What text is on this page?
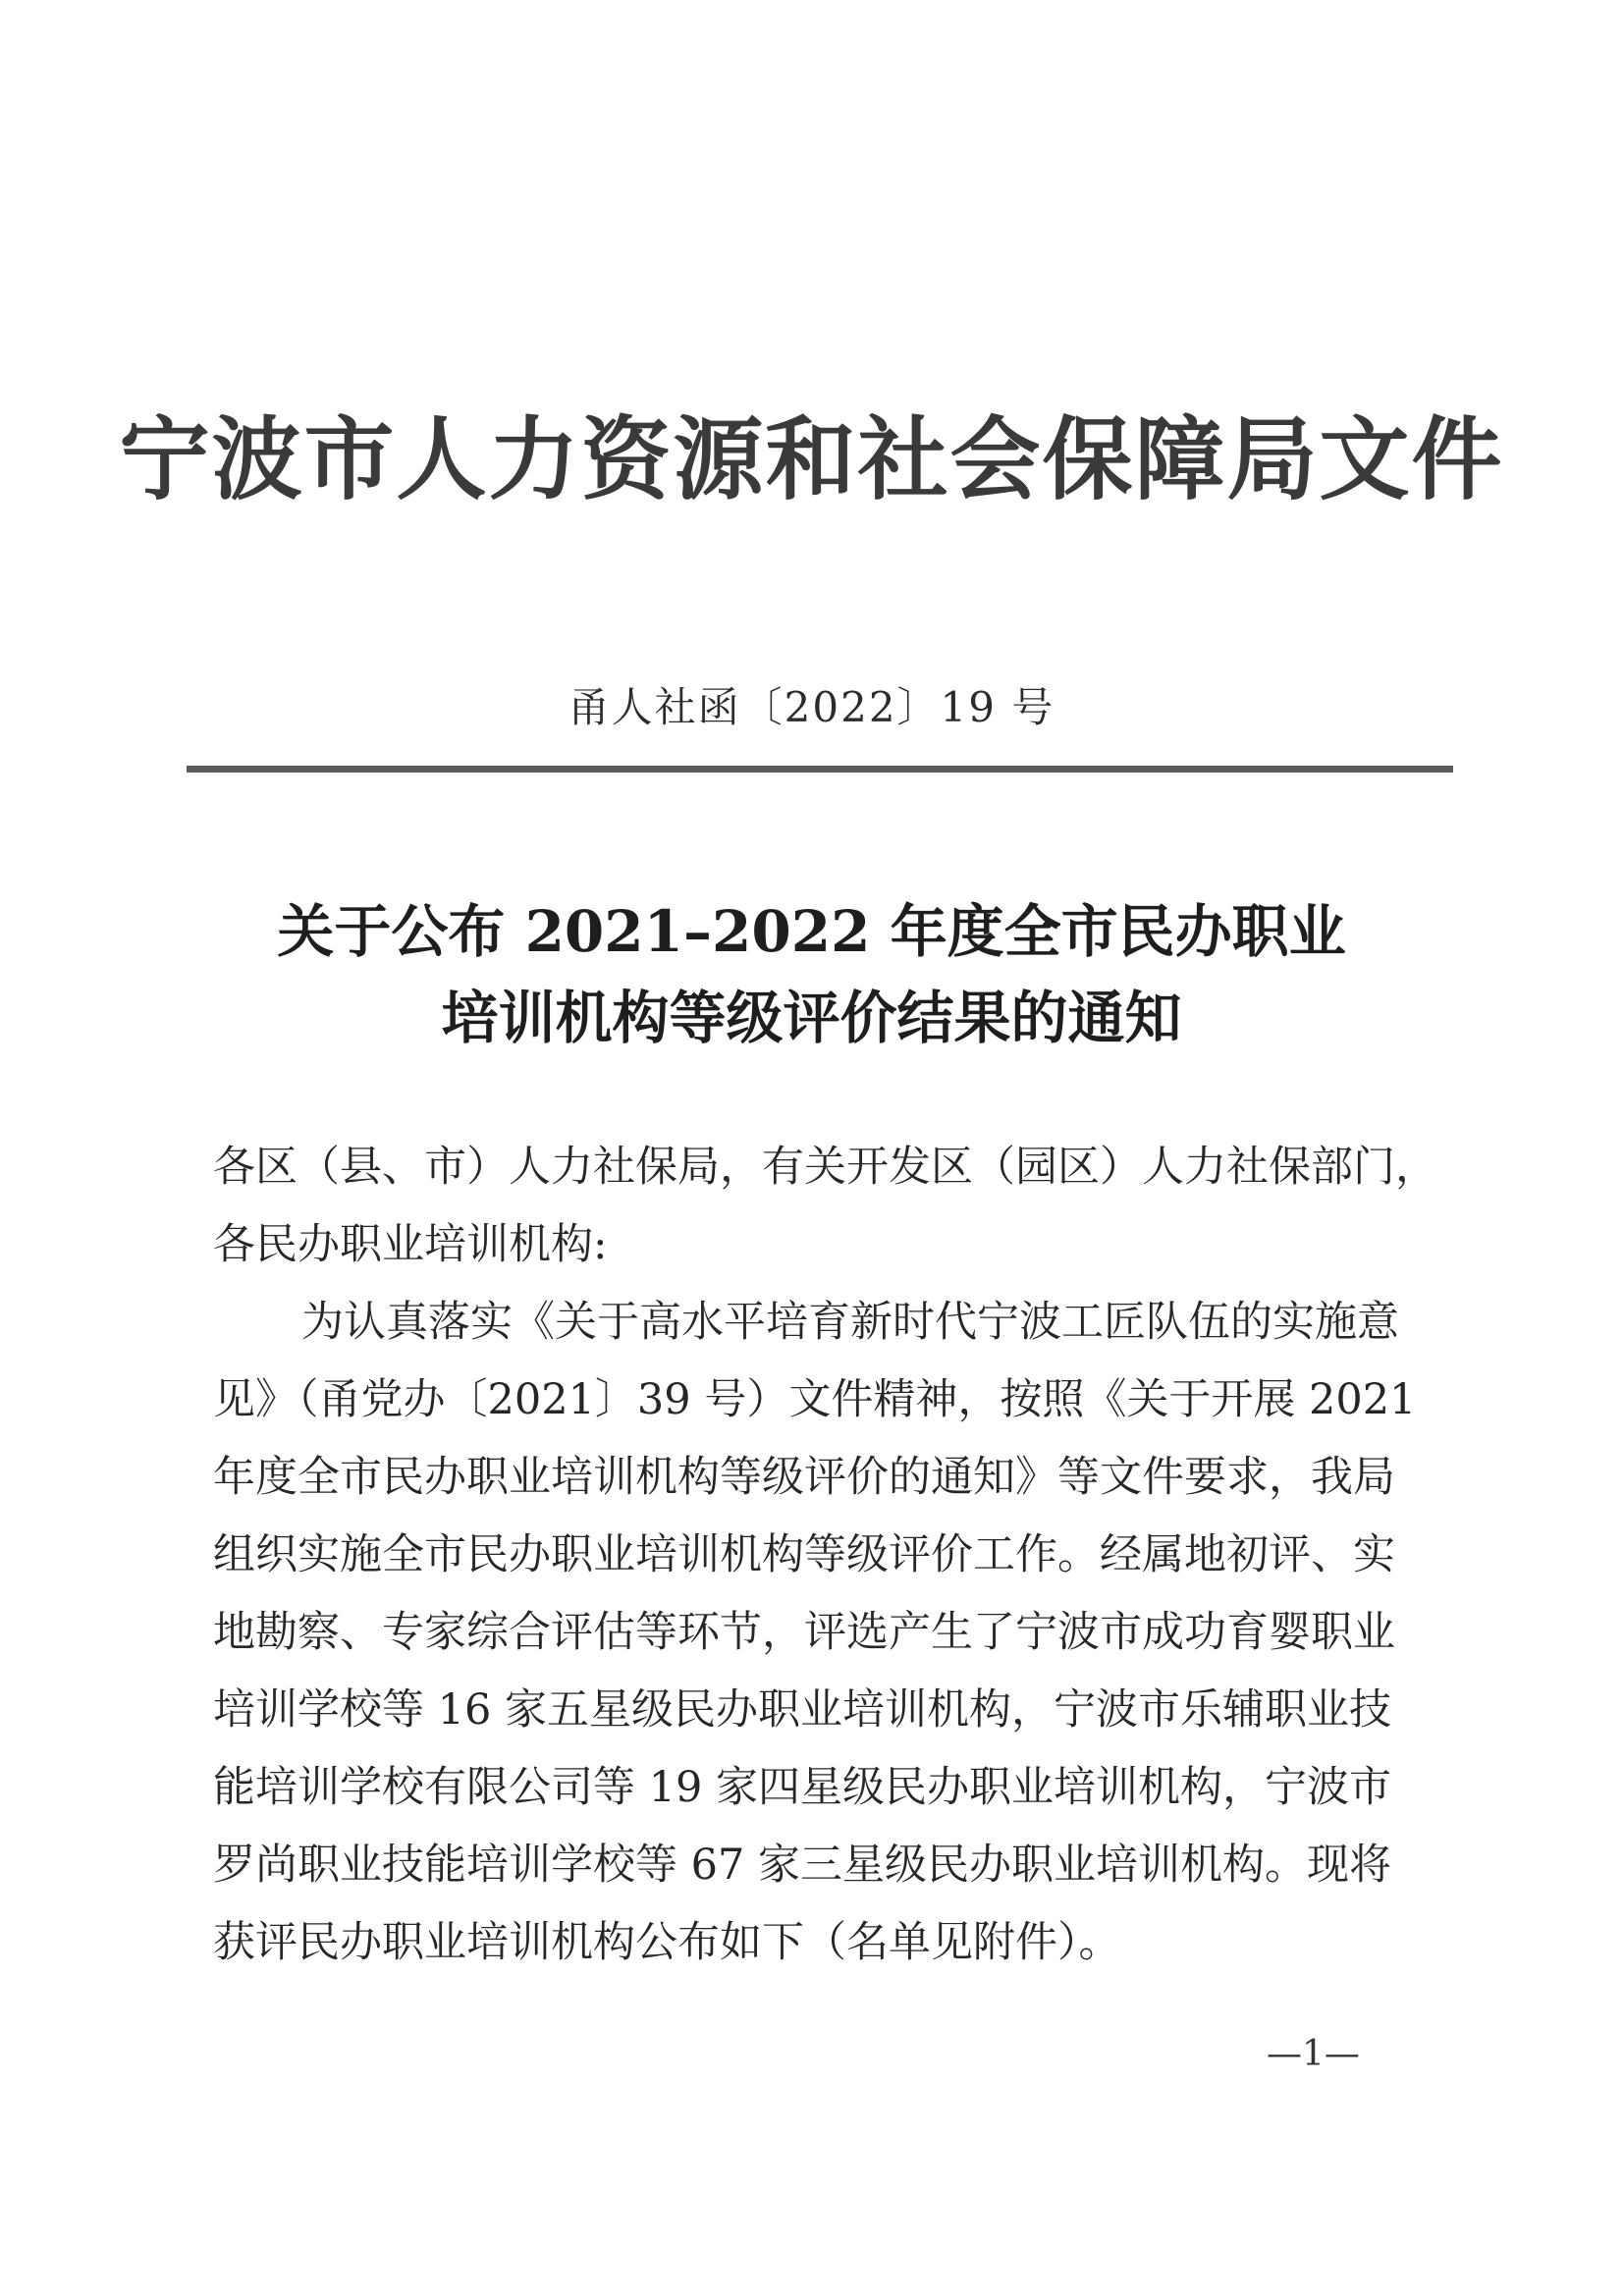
宁波市人力资源和社会保障局文件
甬人社函〔2022〕19 号
关于公布 2021–2022 年度全市民办职业
培训机构等级评价结果的通知
各区（县、市）人力社保局，有关开发区（园区）人力社保部门，
各民办职业培训机构:
为认真落实《关于高水平培育新时代宁波工匠队伍的实施意
见》（甬党办〔2021〕39 号）文件精神，按照《关于开展 2021
年度全市民办职业培训机构等级评价的通知》等文件要求，我局
组织实施全市民办职业培训机构等级评价工作。经属地初评、实
地勘察、专家综合评估等环节，评选产生了宁波市成功育婴职业
培训学校等 16 家五星级民办职业培训机构，宁波市乐辅职业技
能培训学校有限公司等 19 家四星级民办职业培训机构，宁波市
罗尚职业技能培训学校等 67 家三星级民办职业培训机构。现将
获评民办职业培训机构公布如下（名单见附件）。
—1—
